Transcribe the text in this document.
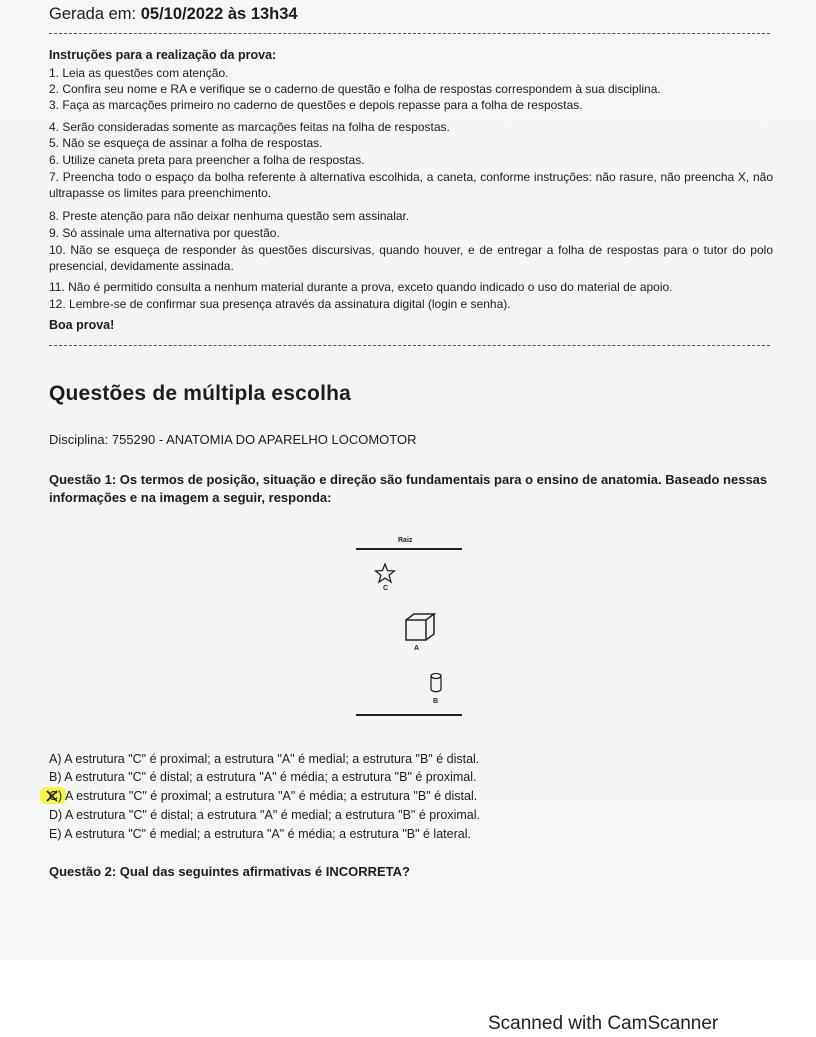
Gerada em: 05/10/2022 às 13h34
Instruções para a realização da prova:
1. Leia as questões com atenção.
2. Confira seu nome e RA e verifique se o caderno de questão e folha de respostas correspondem à sua disciplina.
3. Faça as marcações primeiro no caderno de questões e depois repasse para a folha de respostas.
4. Serão consideradas somente as marcações feitas na folha de respostas.
5. Não se esqueça de assinar a folha de respostas.
6. Utilize caneta preta para preencher a folha de respostas.
7. Preencha todo o espaço da bolha referente à alternativa escolhida, a caneta, conforme instruções: não rasure, não preencha X, não ultrapasse os limites para preenchimento.
8. Preste atenção para não deixar nenhuma questão sem assinalar.
9. Só assinale uma alternativa por questão.
10. Não se esqueça de responder às questões discursivas, quando houver, e de entregar a folha de respostas para o tutor do polo presencial, devidamente assinada.
11. Não é permitido consulta a nenhum material durante a prova, exceto quando indicado o uso do material de apoio.
12. Lembre-se de confirmar sua presença através da assinatura digital (login e senha).
Boa prova!
Questões de múltipla escolha
Disciplina: 755290 - ANATOMIA DO APARELHO LOCOMOTOR
Questão 1: Os termos de posição, situação e direção são fundamentais para o ensino de anatomia. Baseado nessas informações e na imagem a seguir, responda:
Raiz
C
A
B
A) A estrutura "C" é proximal; a estrutura "A" é medial; a estrutura "B" é distal.
B) A estrutura "C" é distal; a estrutura "A" é média; a estrutura "B" é proximal.
C) A estrutura "C" é proximal; a estrutura "A" é média; a estrutura "B" é distal.
D) A estrutura "C" é distal; a estrutura "A" é medial; a estrutura "B" é proximal.
E) A estrutura "C" é medial; a estrutura "A" é média; a estrutura "B" é lateral.
Questão 2: Qual das seguintes afirmativas é INCORRETA?
Scanned with CamScanner
